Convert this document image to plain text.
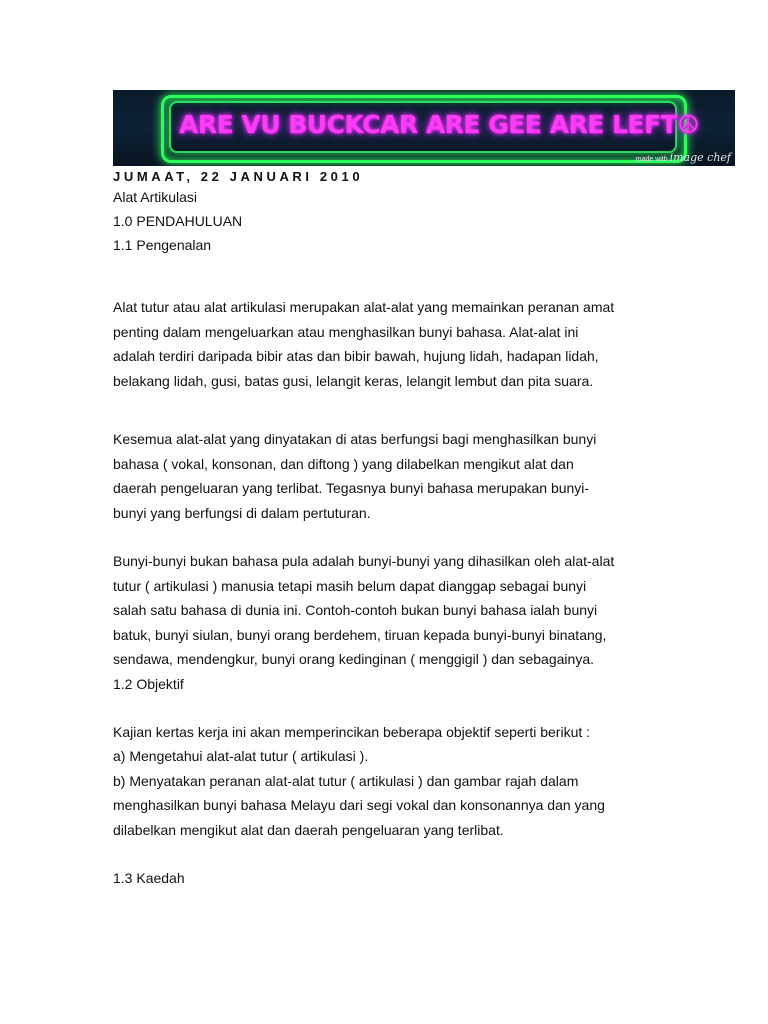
ARE VU BUCKCAR ARE GEE ARE LEFT☮
made with image chef
JUMAAT, 22 JANUARI 2010
Alat Artikulasi
1.0 PENDAHULUAN
1.1 Pengenalan

Alat tutur atau alat artikulasi merupakan alat-alat yang memainkan peranan amat

penting dalam mengeluarkan atau menghasilkan bunyi bahasa. Alat-alat ini

adalah terdiri daripada bibir atas dan bibir bawah, hujung lidah, hadapan lidah,

belakang lidah, gusi, batas gusi, lelangit keras, lelangit lembut dan pita suara.

Kesemua alat-alat yang dinyatakan di atas berfungsi bagi menghasilkan bunyi

bahasa ( vokal, konsonan, dan diftong ) yang dilabelkan mengikut alat dan

daerah pengeluaran yang terlibat. Tegasnya bunyi bahasa merupakan bunyi-

bunyi yang berfungsi di dalam pertuturan.

Bunyi-bunyi bukan bahasa pula adalah bunyi-bunyi yang dihasilkan oleh alat-alat

tutur ( artikulasi ) manusia tetapi masih belum dapat dianggap sebagai bunyi

salah satu bahasa di dunia ini. Contoh-contoh bukan bunyi bahasa ialah bunyi

batuk, bunyi siulan, bunyi orang berdehem, tiruan kepada bunyi-bunyi binatang,

sendawa, mendengkur, bunyi orang kedinginan ( menggigil ) dan sebagainya.

1.2 Objektif

Kajian kertas kerja ini akan memperincikan beberapa objektif seperti berikut :

a) Mengetahui alat-alat tutur ( artikulasi ).

b) Menyatakan peranan alat-alat tutur ( artikulasi ) dan gambar rajah dalam

menghasilkan bunyi bahasa Melayu dari segi vokal dan konsonannya dan yang

dilabelkan mengikut alat dan daerah pengeluaran yang terlibat.

1.3 Kaedah
